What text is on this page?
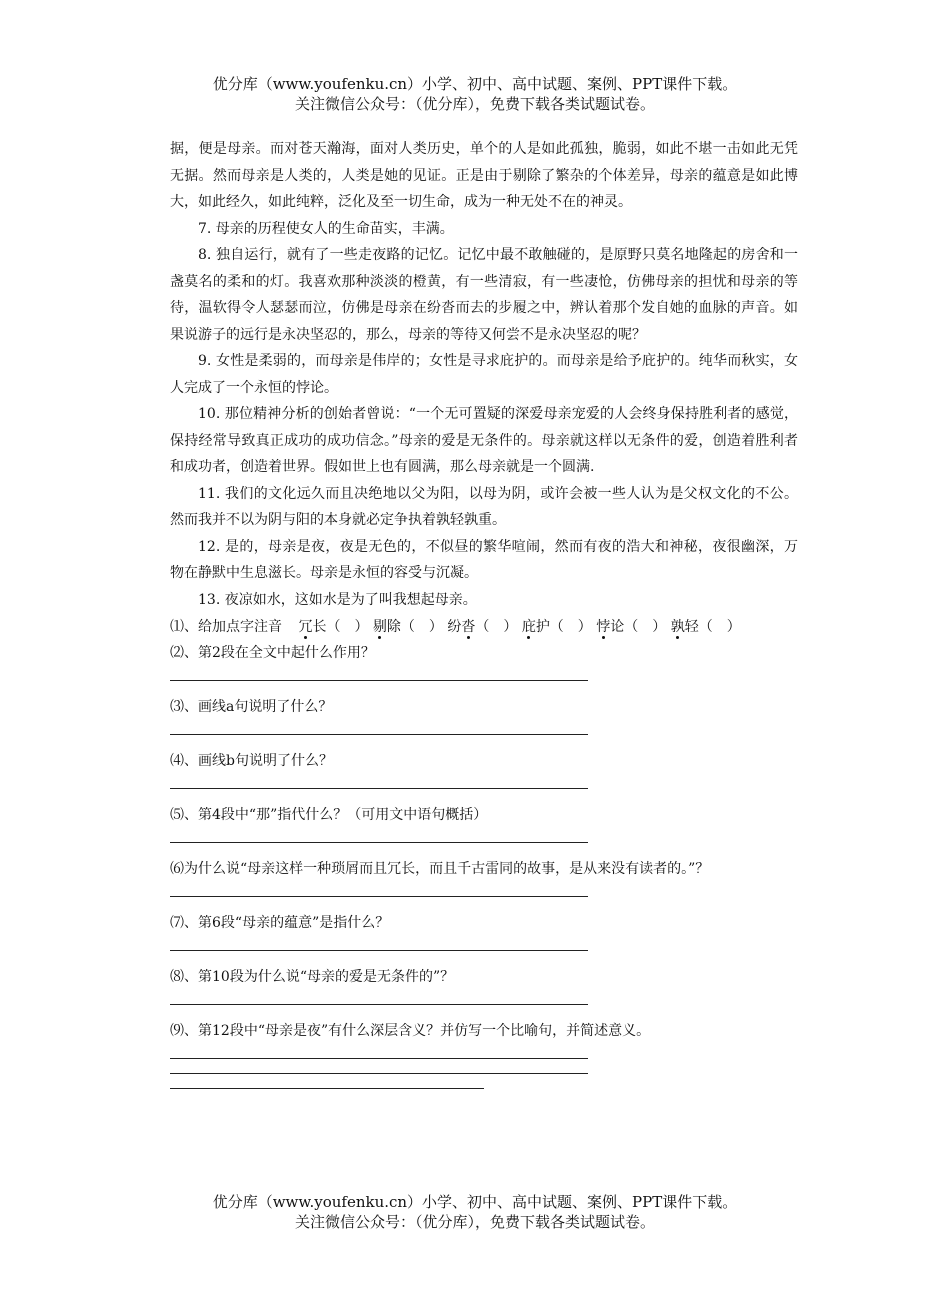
优分库（www.youfenku.cn）小学、初中、高中试题、案例、PPT课件下载。
关注微信公众号：（优分库），免费下载各类试题试卷。

据，便是母亲。而对苍天瀚海，面对人类历史，单个的人是如此孤独，脆弱，如此不堪一击如此无凭无据。然而母亲是人类的，人类是她的见证。正是由于剔除了繁杂的个体差异，母亲的蕴意是如此博大，如此经久，如此纯粹，泛化及至一切生命，成为一种无处不在的神灵。

7. 母亲的历程使女人的生命苗实，丰满。

8. 独自运行，就有了一些走夜路的记忆。记忆中最不敢触碰的，是原野只莫名地隆起的房舍和一盏莫名的柔和的灯。我喜欢那种淡淡的橙黄，有一些清寂，有一些凄怆，仿佛母亲的担忧和母亲的等待，温软得令人瑟瑟而泣，仿佛是母亲在纷沓而去的步履之中，辨认着那个发自她的血脉的声音。如果说游子的远行是永决坚忍的，那么，母亲的等待又何尝不是永决坚忍的呢？

9. 女性是柔弱的，而母亲是伟岸的；女性是寻求庇护的。而母亲是给予庇护的。纯华而秋实，女人完成了一个永恒的悖论。

10. 那位精神分析的创始者曾说：“一个无可置疑的深爱母亲宠爱的人会终身保持胜利者的感觉，保持经常导致真正成功的成功信念。”母亲的爱是无条件的。母亲就这样以无条件的爱，创造着胜利者和成功者，创造着世界。假如世上也有圆满，那么母亲就是一个圆满.

11. 我们的文化远久而且决绝地以父为阳，以母为阴，或许会被一些人认为是父权文化的不公。然而我并不以为阴与阳的本身就必定争执着孰轻孰重。

12. 是的，母亲是夜，夜是无色的，不似昼的繁华喧闹，然而有夜的浩大和神秘，夜很幽深，万物在静默中生息滋长。母亲是永恒的容受与沉凝。

13. 夜凉如水，这如水是为了叫我想起母亲。

⑴、给加点字注音 冗长（　） 剔除（　） 纷沓（　） 庇护（　） 悖论（　） 孰轻（　）

⑵、第2段在全文中起什么作用？

⑶、画线a句说明了什么？

⑷、画线b句说明了什么？

⑸、第4段中“那”指代什么？（可用文中语句概括）

⑹为什么说“母亲这样一种琐屑而且冗长，而且千古雷同的故事，是从来没有读者的。”？

⑺、第6段“母亲的蕴意”是指什么？

⑻、第10段为什么说“母亲的爱是无条件的”？

⑼、第12段中“母亲是夜”有什么深层含义？并仿写一个比喻句，并简述意义。

优分库（www.youfenku.cn）小学、初中、高中试题、案例、PPT课件下载。
关注微信公众号：（优分库），免费下载各类试题试卷。
